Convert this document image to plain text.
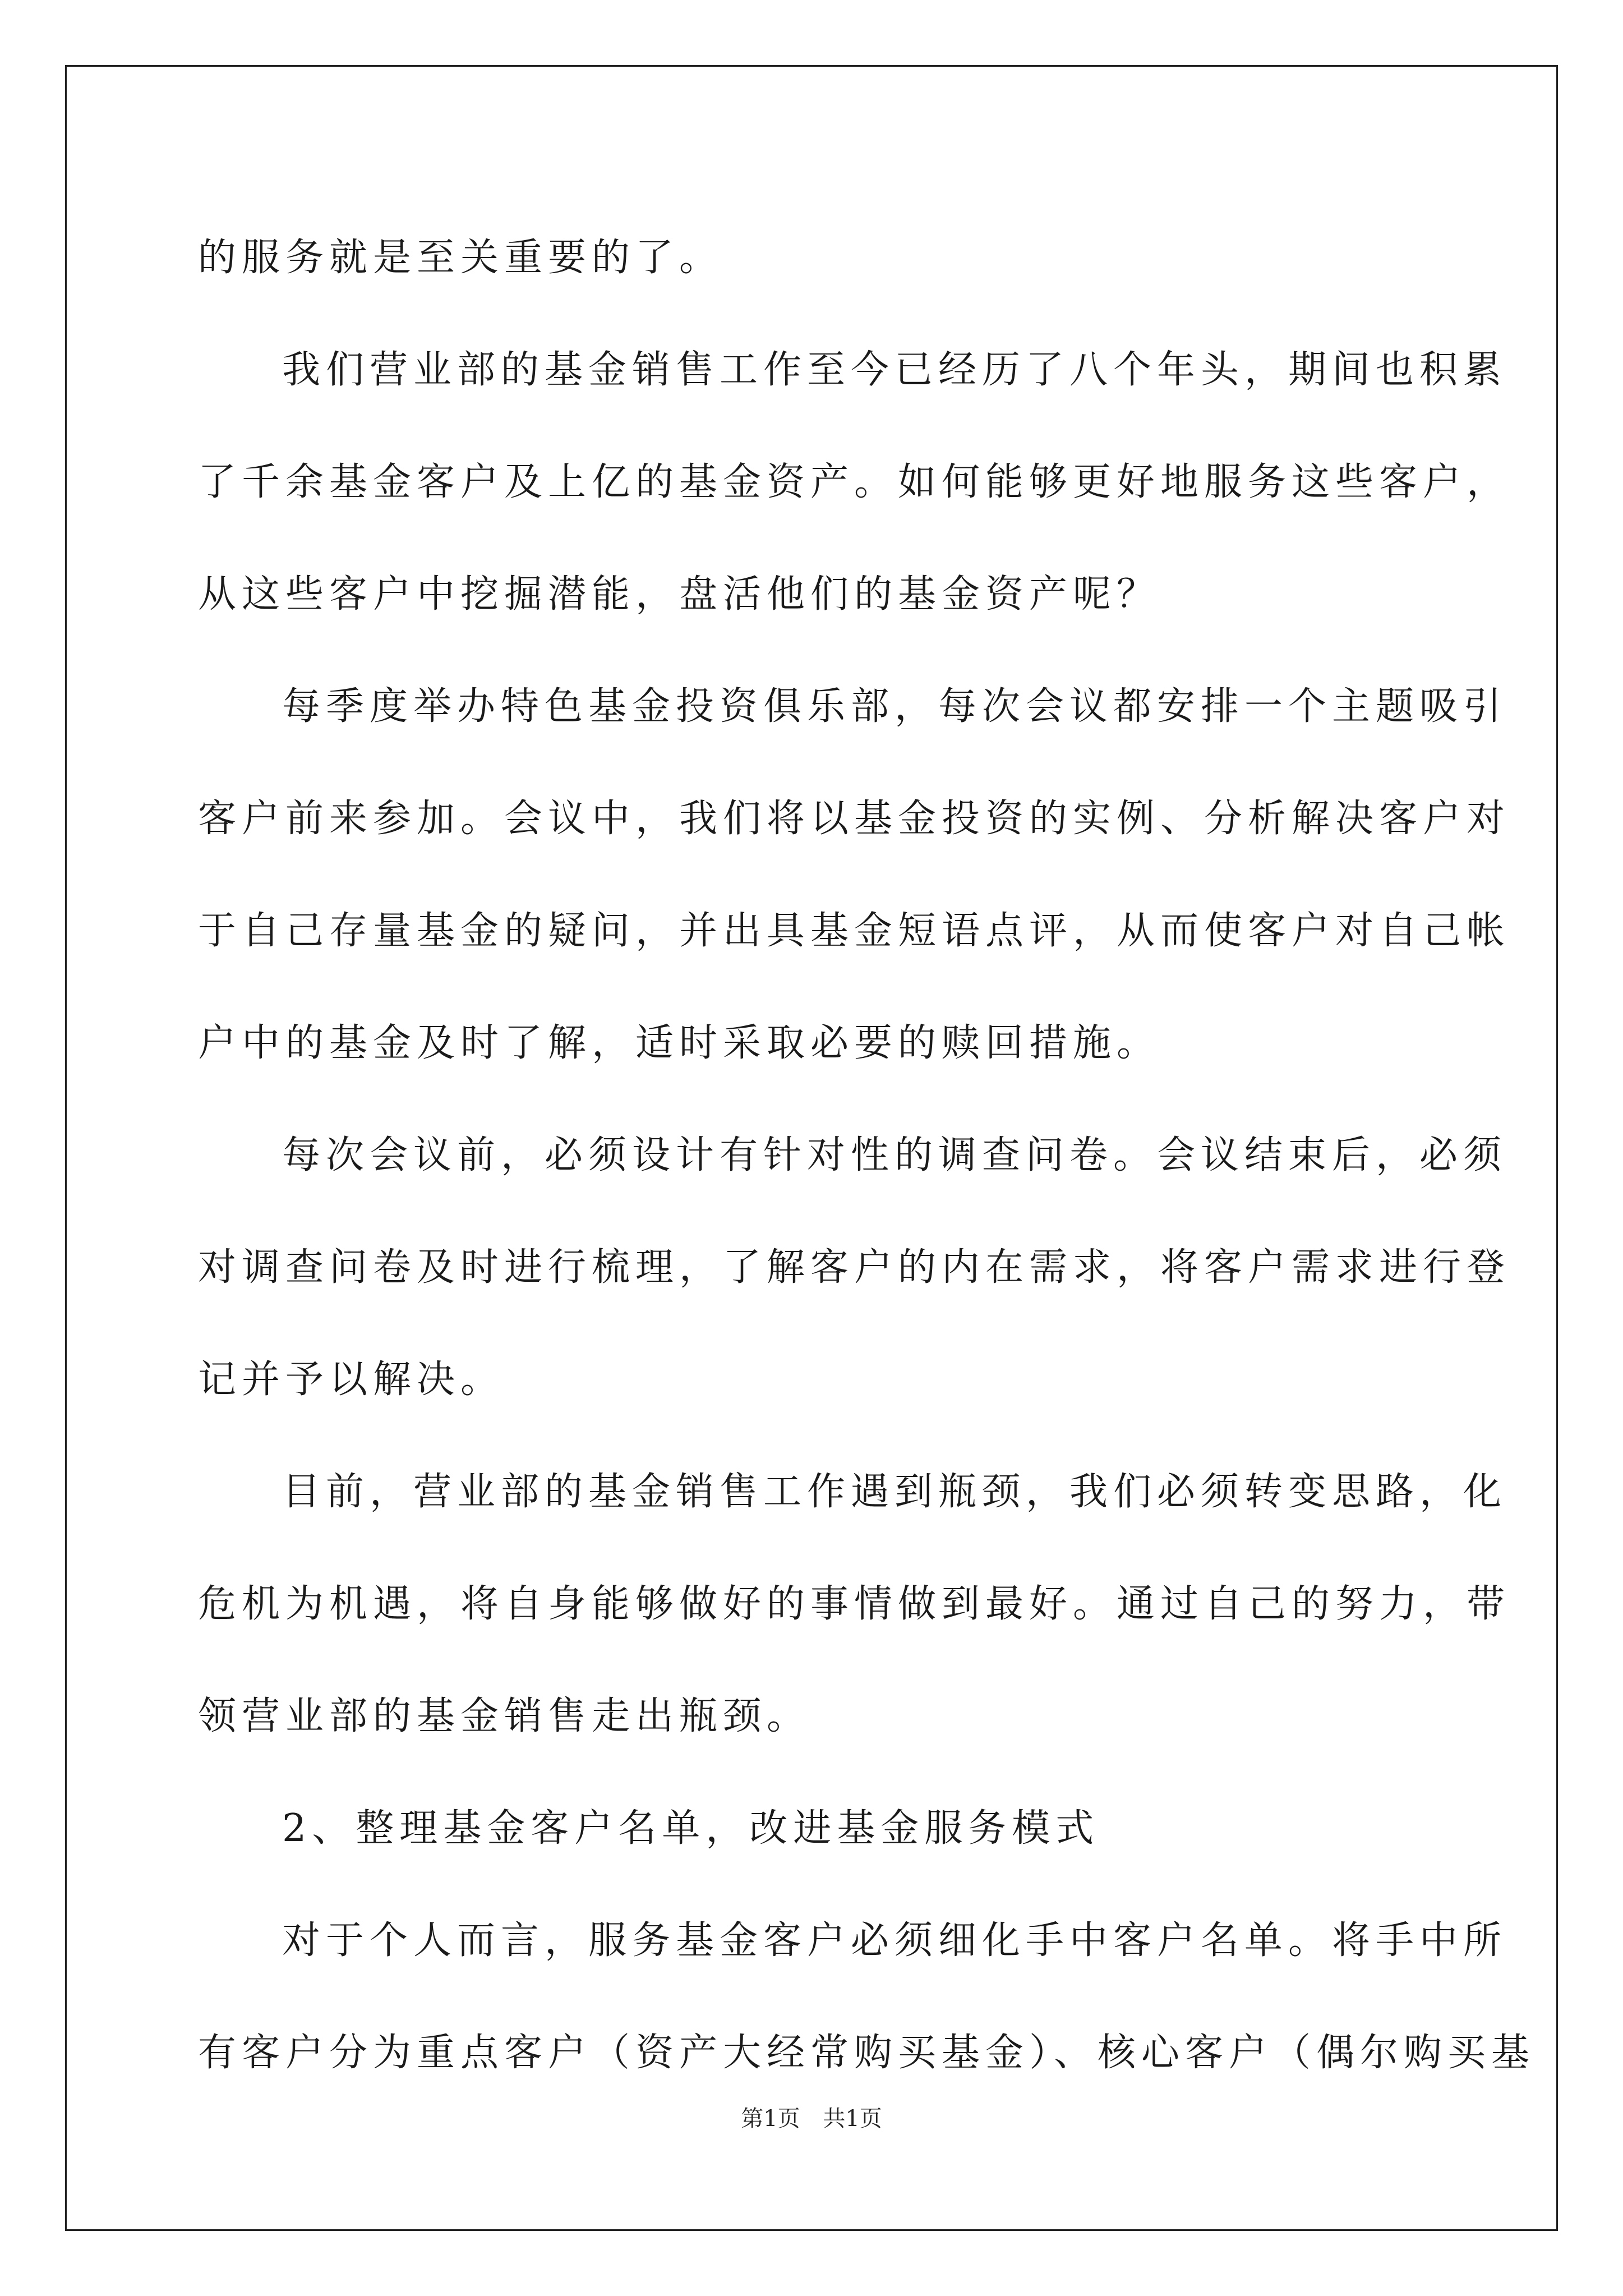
的服务就是至关重要的了。
我们营业部的基金销售工作至今已经历了八个年头，期间也积累
了千余基金客户及上亿的基金资产。如何能够更好地服务这些客户，
从这些客户中挖掘潜能，盘活他们的基金资产呢？
每季度举办特色基金投资俱乐部，每次会议都安排一个主题吸引
客户前来参加。会议中，我们将以基金投资的实例、分析解决客户对
于自己存量基金的疑问，并出具基金短语点评，从而使客户对自己帐
户中的基金及时了解，适时采取必要的赎回措施。
每次会议前，必须设计有针对性的调查问卷。会议结束后，必须
对调查问卷及时进行梳理，了解客户的内在需求，将客户需求进行登
记并予以解决。
目前，营业部的基金销售工作遇到瓶颈，我们必须转变思路，化
危机为机遇，将自身能够做好的事情做到最好。通过自己的努力，带
领营业部的基金销售走出瓶颈。
2、整理基金客户名单，改进基金服务模式
对于个人而言，服务基金客户必须细化手中客户名单。将手中所
有客户分为重点客户（资产大经常购买基金）、核心客户（偶尔购买基
第1页 共1页
